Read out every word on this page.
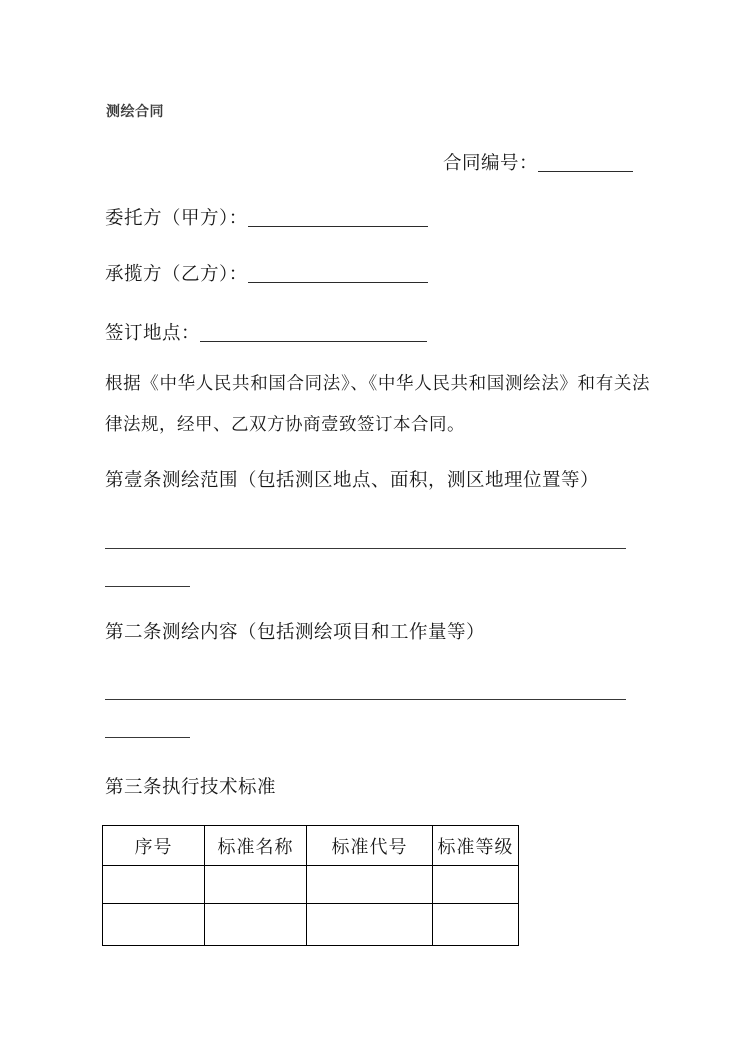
测绘合同
合同编号：
委托方（甲方）：
承揽方（乙方）：
签订地点：
根据《中华人民共和国合同法》、《中华人民共和国测绘法》和有关法律法规，经甲、乙双方协商壹致签订本合同。
第壹条测绘范围（包括测区地点、面积，测区地理位置等）
第二条测绘内容（包括测绘项目和工作量等）
第三条执行技术标准
序号	标准名称	标准代号	标准等级
